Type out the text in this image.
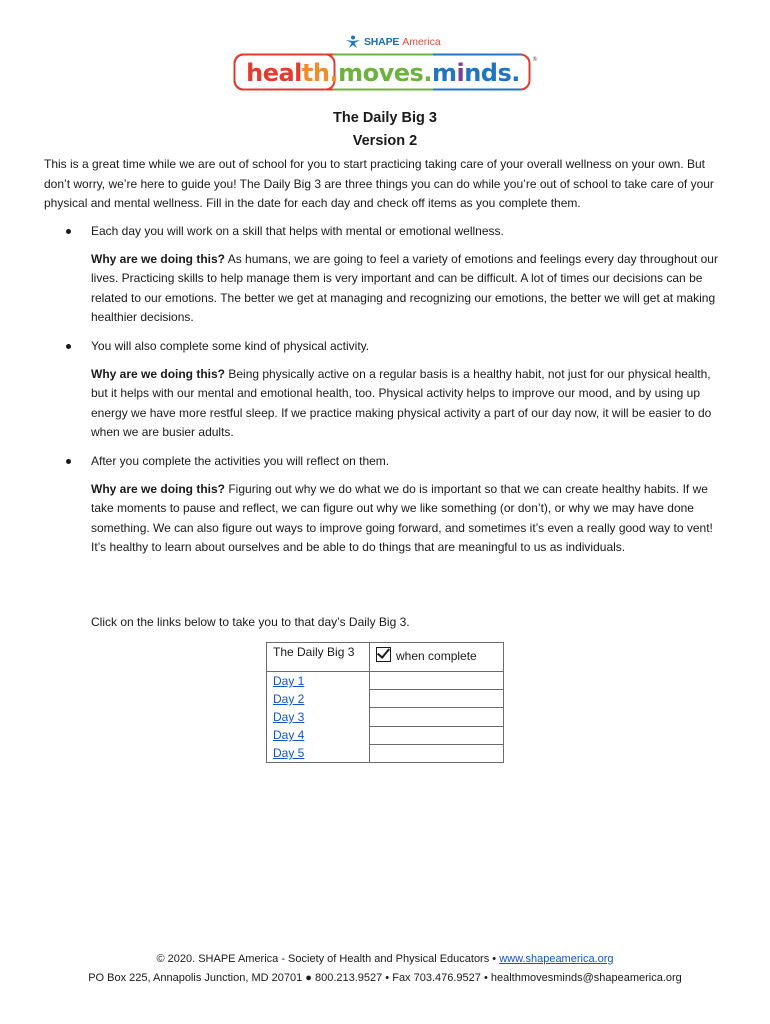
SHAPE America
health.moves.minds. ®
The Daily Big 3
Version 2
This is a great time while we are out of school for you to start practicing taking care of your overall wellness on your own. But don’t worry, we’re here to guide you! The Daily Big 3 are three things you can do while you’re out of school to take care of your physical and mental wellness. Fill in the date for each day and check off items as you complete them.
Each day you will work on a skill that helps with mental or emotional wellness.
Why are we doing this? As humans, we are going to feel a variety of emotions and feelings every day throughout our lives. Practicing skills to help manage them is very important and can be difficult. A lot of times our decisions can be related to our emotions. The better we get at managing and recognizing our emotions, the better we will get at making healthier decisions.
You will also complete some kind of physical activity.
Why are we doing this? Being physically active on a regular basis is a healthy habit, not just for our physical health, but it helps with our mental and emotional health, too. Physical activity helps to improve our mood, and by using up energy we have more restful sleep. If we practice making physical activity a part of our day now, it will be easier to do when we are busier adults.
After you complete the activities you will reflect on them.
Why are we doing this? Figuring out why we do what we do is important so that we can create healthy habits. If we take moments to pause and reflect, we can figure out why we like something (or don’t), or why we may have done something. We can also figure out ways to improve going forward, and sometimes it’s even a really good way to vent! It’s healthy to learn about ourselves and be able to do things that are meaningful to us as individuals.
Click on the links below to take you to that day’s Daily Big 3.
The Daily Big 3	when complete

Day 1
Day 2
Day 3
Day 4
Day 5	

© 2020. SHAPE America - Society of Health and Physical Educators • www.shapeamerica.org
PO Box 225, Annapolis Junction, MD 20701 ● 800.213.9527 • Fax 703.476.9527 • healthmovesminds@shapeamerica.org
